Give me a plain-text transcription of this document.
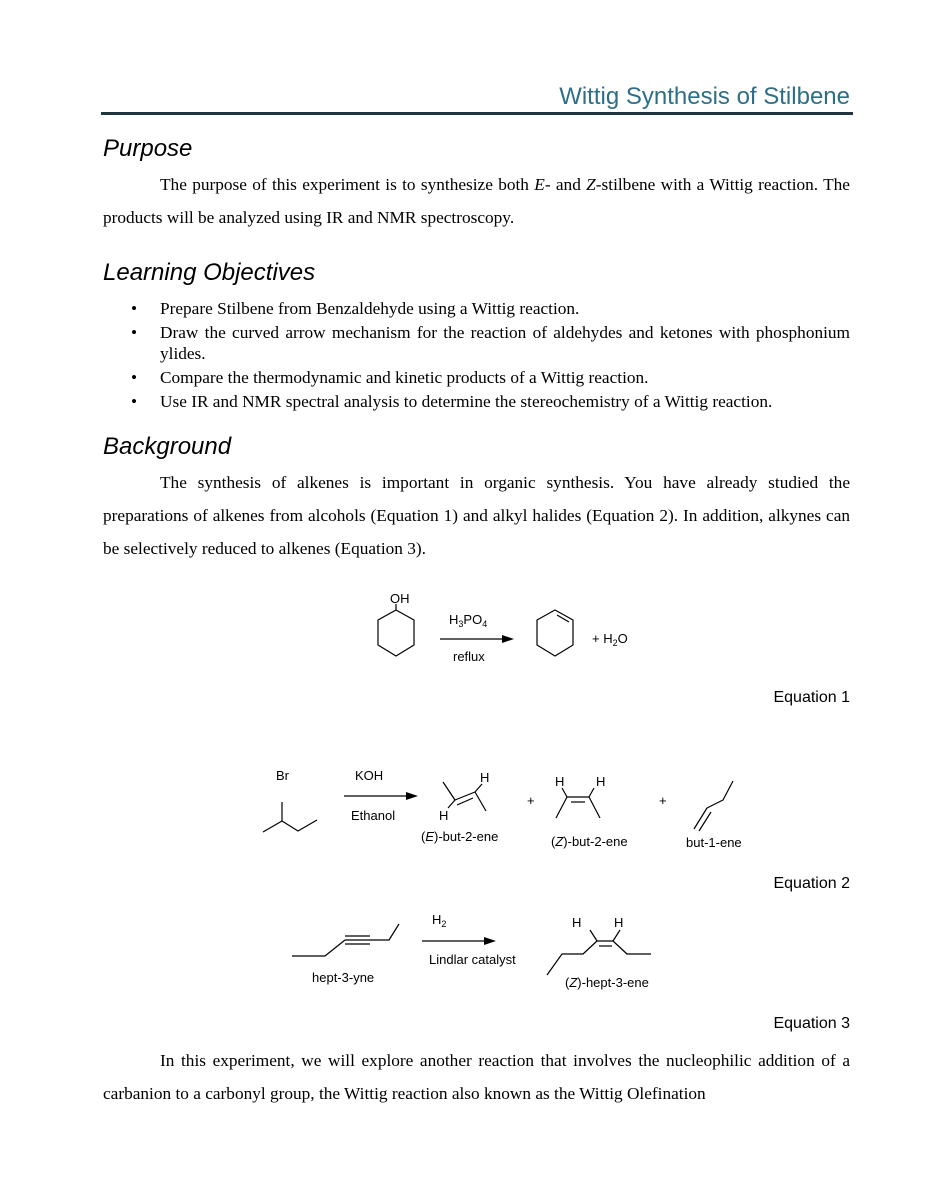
Wittig Synthesis of Stilbene
Purpose

The purpose of this experiment is to synthesize both E- and Z-stilbene with a Wittig reaction. The products will be analyzed using IR and NMR spectroscopy.

Learning Objectives
• Prepare Stilbene from Benzaldehyde using a Wittig reaction.
• Draw the curved arrow mechanism for the reaction of aldehydes and ketones with phosphonium ylides.
• Compare the thermodynamic and kinetic products of a Wittig reaction.
• Use IR and NMR spectral analysis to determine the stereochemistry of a Wittig reaction.
Background

The synthesis of alkenes is important in organic synthesis. You have already studied the preparations of alkenes from alcohols (Equation 1) and alkyl halides (Equation 2). In addition, alkynes can be selectively reduced to alkenes (Equation 3).

OH
$H_3PO_4$
reflux
+ $H_2O$
Br	KOH
Ethanol
H
H
+
H H
+
(E)-but-2-ene	(Z)-but-2-ene	but-1-ene
$H_2$
Lindlar catalyst
hept-3-yne
H	H
(Z)-hept-3-ene
Equation 1
Equation 2
Equation 3

In this experiment, we will explore another reaction that involves the nucleophilic addition of a carbanion to a carbonyl group, the Wittig reaction also known as the Wittig Olefination
